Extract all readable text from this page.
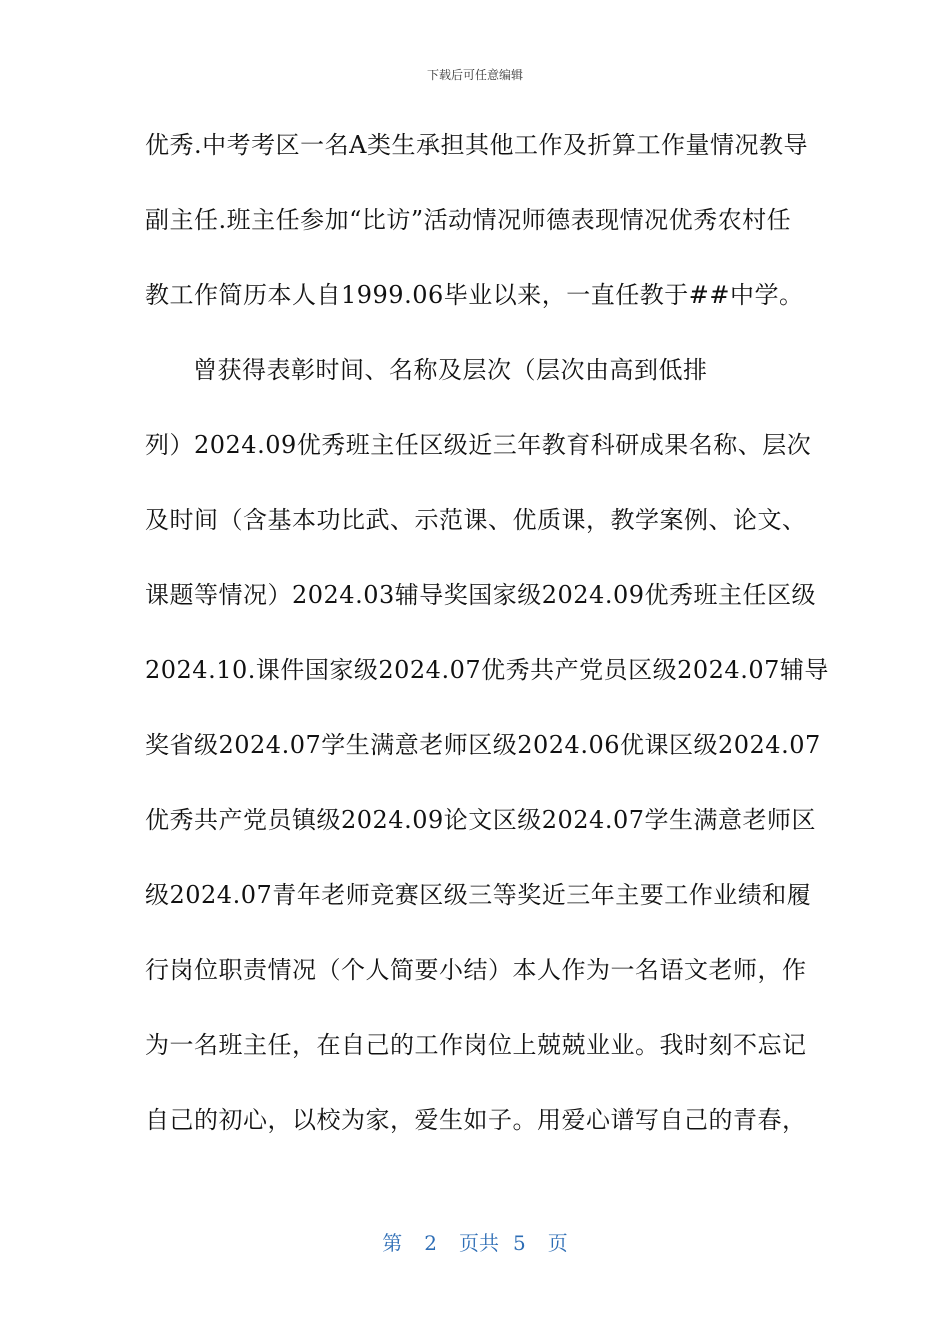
下载后可任意编辑
优秀.中考考区一名A类生承担其他工作及折算工作量情况教导
副主任.班主任参加“比访”活动情况师德表现情况优秀农村任
教工作简历本人自1999.06毕业以来，一直任教于##中学。
曾获得表彰时间、名称及层次（层次由高到低排
列）2024.09优秀班主任区级近三年教育科研成果名称、层次
及时间（含基本功比武、示范课、优质课，教学案例、论文、
课题等情况）2024.03辅导奖国家级2024.09优秀班主任区级
2024.10.课件国家级2024.07优秀共产党员区级2024.07辅导
奖省级2024.07学生满意老师区级2024.06优课区级2024.07
优秀共产党员镇级2024.09论文区级2024.07学生满意老师区
级2024.07青年老师竞赛区级三等奖近三年主要工作业绩和履
行岗位职责情况（个人简要小结）本人作为一名语文老师，作
为一名班主任，在自己的工作岗位上兢兢业业。我时刻不忘记
自己的初心，以校为家，爱生如子。用爱心谱写自己的青春，
第 2 页共 5 页
